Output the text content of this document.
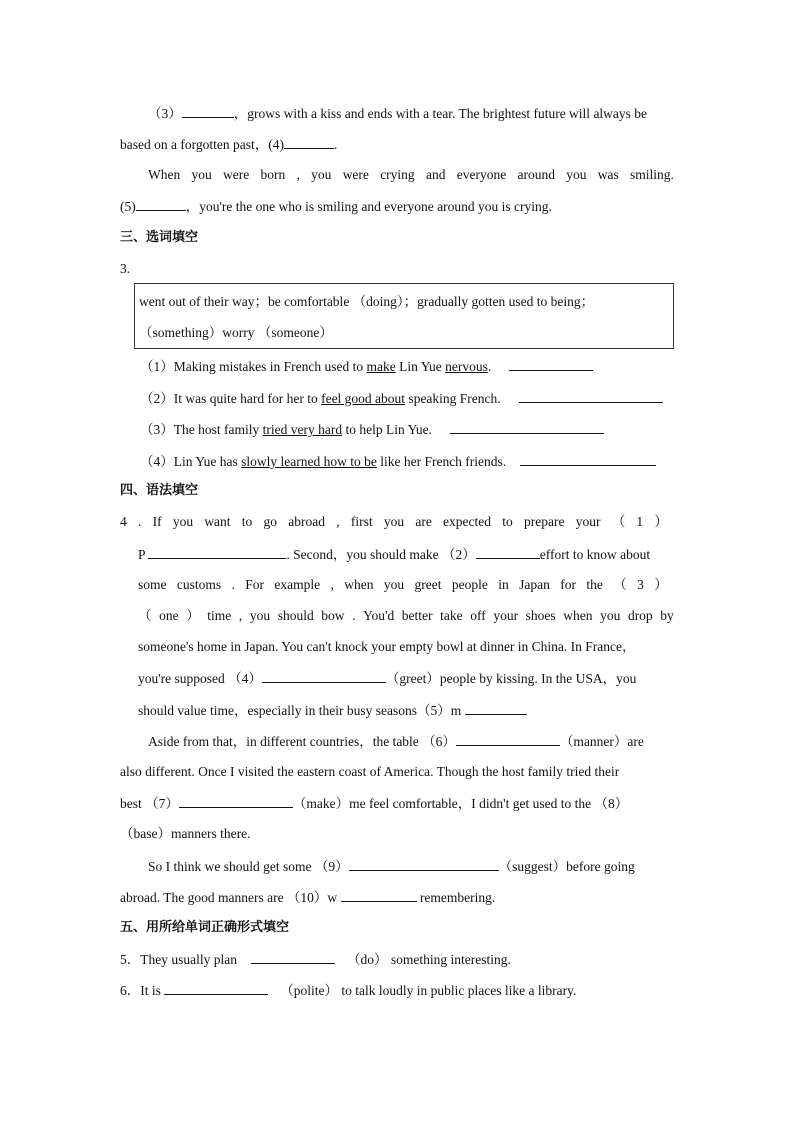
（3）	，grows with a kiss and ends with a tear. The brightest future will always be
based on a forgotten past，(4)	.
When you were born , you were crying and everyone around you was smiling.
(5)	，you're the one who is smiling and everyone around you is crying.
三、选词填空
3.
went out of their way；be comfortable （doing）；gradually gotten used to being；
（something）worry （someone）
（1）Making mistakes in French used to make Lin Yue nervous.
（2）It was quite hard for her to feel good about speaking French.
（3）The host family tried very hard to help Lin Yue.
（4）Lin Yue has slowly learned how to be like her French friends.
四、语法填空
4 . If you want to go abroad , first you are expected to prepare your （ 1 ）
P	. Second，you should make （2）	effort to know about
some customs . For example , when you greet people in Japan for the （ 3 ）
（ one ） time , you should bow . You'd better take off your shoes when you drop by
someone's home in Japan. You can't knock your empty bowl at dinner in China. In France，
you're supposed （4）	（greet）people by kissing. In the USA，you
should value time，especially in their busy seasons（5）m
Aside from that，in different countries，the table （6）	（manner）are
also different. Once I visited the eastern coast of America. Though the host family tried their
best （7）	（make）me feel comfortable，I didn't get used to the （8）
（base）manners there.
So I think we should get some （9）	（suggest）before going
abroad. The good manners are （10）w	remembering.
五、用所给单词正确形式填空
5．They usually plan	（do） something interesting.
6．It is	（polite） to talk loudly in public places like a library.
